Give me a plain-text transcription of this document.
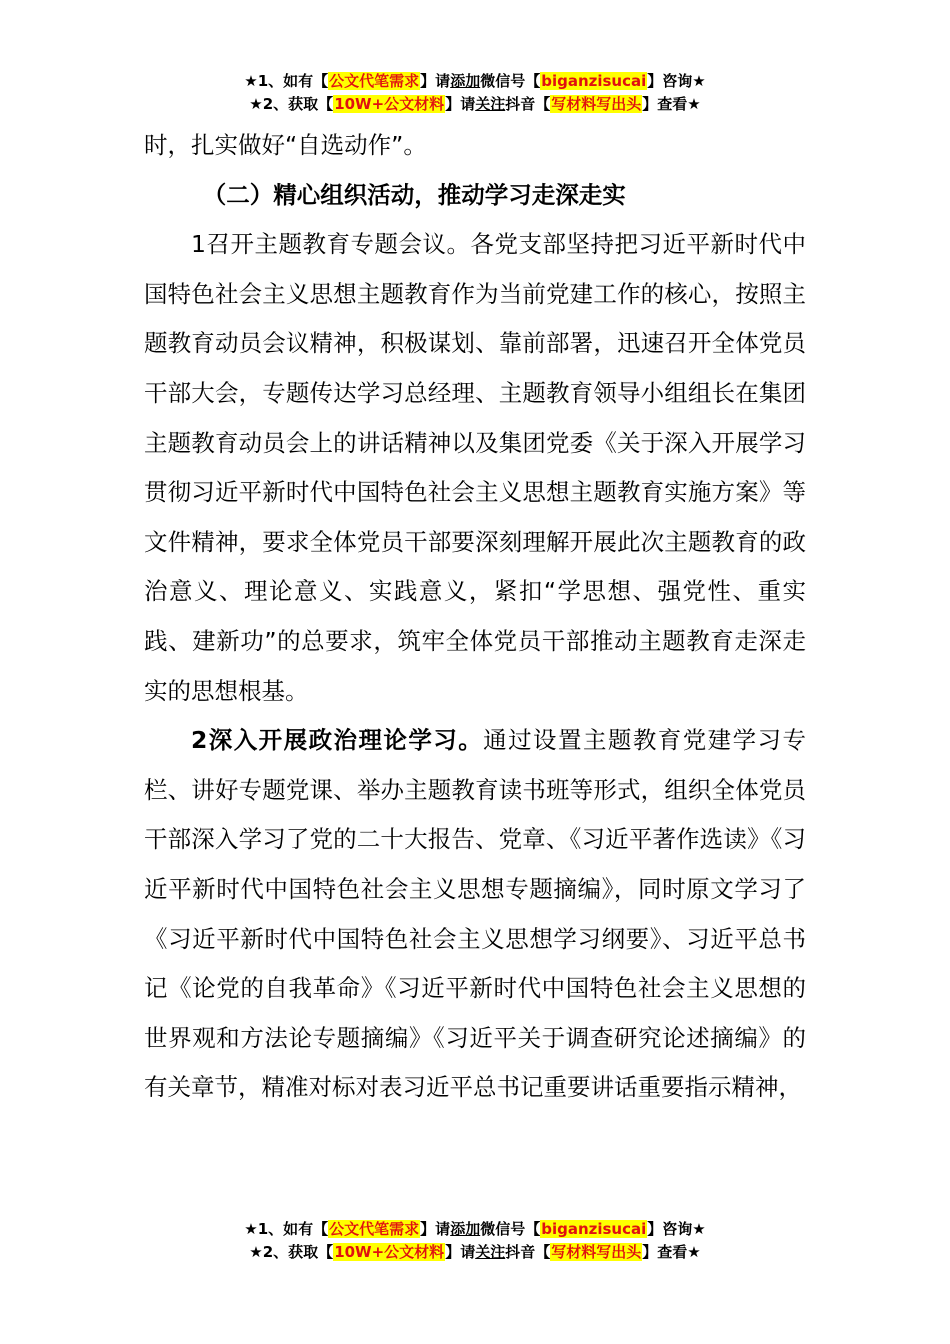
★1、如有【公文代笔需求】请添加微信号【biganzisucai】咨询★
★2、获取【10W+公文材料】请关注抖音【写材料写出头】查看★

时，扎实做好“自选动作”。

（二）精心组织活动，推动学习走深走实

1召开主题教育专题会议。各党支部坚持把习近平新时代中国特色社会主义思想主题教育作为当前党建工作的核心，按照主题教育动员会议精神，积极谋划、靠前部署，迅速召开全体党员干部大会，专题传达学习总经理、主题教育领导小组组长在集团主题教育动员会上的讲话精神以及集团党委《关于深入开展学习贯彻习近平新时代中国特色社会主义思想主题教育实施方案》等文件精神，要求全体党员干部要深刻理解开展此次主题教育的政治意义、理论意义、实践意义，紧扣“学思想、强党性、重实践、建新功”的总要求，筑牢全体党员干部推动主题教育走深走实的思想根基。

2深入开展政治理论学习。通过设置主题教育党建学习专栏、讲好专题党课、举办主题教育读书班等形式，组织全体党员干部深入学习了党的二十大报告、党章、《习近平著作选读》《习近平新时代中国特色社会主义思想专题摘编》，同时原文学习了《习近平新时代中国特色社会主义思想学习纲要》、习近平总书记《论党的自我革命》《习近平新时代中国特色社会主义思想的世界观和方法论专题摘编》《习近平关于调查研究论述摘编》的有关章节，精准对标对表习近平总书记重要讲话重要指示精神，

★1、如有【公文代笔需求】请添加微信号【biganzisucai】咨询★
★2、获取【10W+公文材料】请关注抖音【写材料写出头】查看★
